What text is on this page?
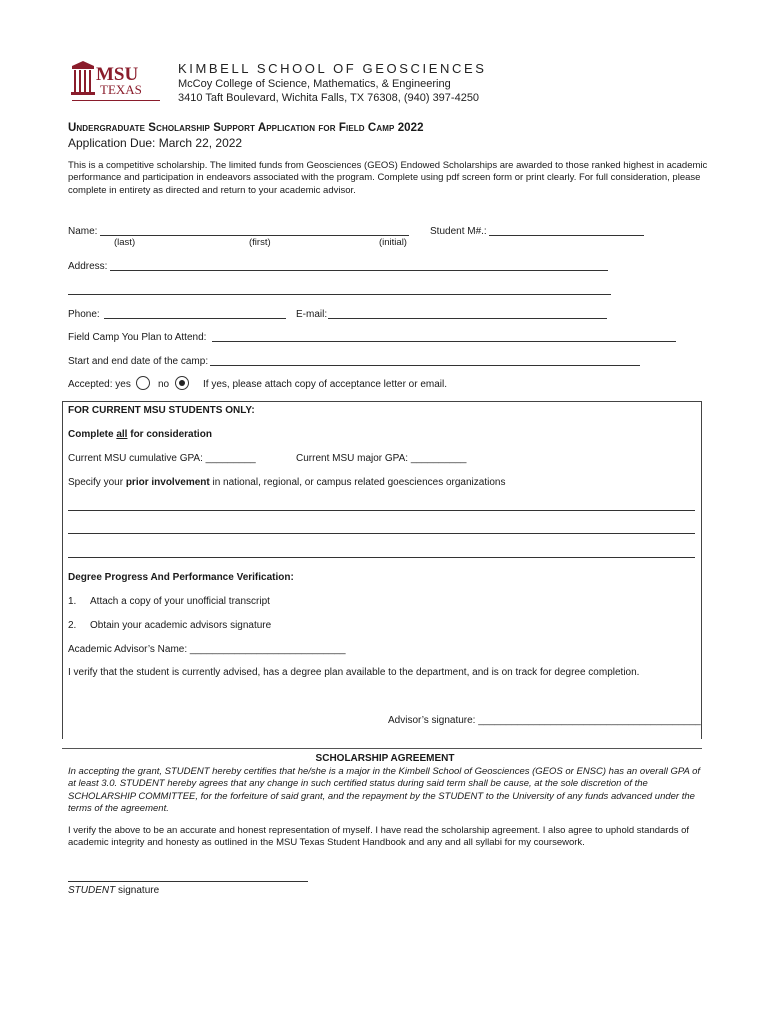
MSU
TEXAS
KIMBELL SCHOOL OF GEOSCIENCES
McCoy College of Science, Mathematics, & Engineering
3410 Taft Boulevard, Wichita Falls, TX 76308, (940) 397-4250
Undergraduate Scholarship Support Application for Field Camp 2022
Application Due: March 22, 2022
This is a competitive scholarship. The limited funds from Geosciences (GEOS) Endowed Scholarships are awarded to those ranked highest in academic performance and participation in endeavors associated with the program. Complete using pdf screen form or print clearly. For full consideration, please complete in entirety as directed and return to your academic advisor.
Name:
(last)	(first)	(initial)
Student M#.:
Address:
Phone:	E-mail:
Field Camp You Plan to Attend:
Start and end date of the camp:
Accepted: yes	no	If yes, please attach copy of acceptance letter or email.
FOR CURRENT MSU STUDENTS ONLY:
Complete all for consideration
Current MSU cumulative GPA: _________	Current MSU major GPA: __________
Specify your prior involvement in national, regional, or campus related goesciences organizations
Degree Progress And Performance Verification:
1. Attach a copy of your unofficial transcript
2. Obtain your academic advisors signature
Academic Advisor’s Name: ____________________________
I verify that the student is currently advised, has a degree plan available to the department, and is on track for degree completion.
Advisor’s signature: ________________________________________
SCHOLARSHIP AGREEMENT
In accepting the grant, STUDENT hereby certifies that he/she is a major in the Kimbell School of Geosciences (GEOS or ENSC) has an overall GPA of at least 3.0. STUDENT hereby agrees that any change in such certified status during said term shall be cause, at the sole discretion of the SCHOLARSHIP COMMITTEE, for the forfeiture of said grant, and the repayment by the STUDENT to the University of any funds advanced under the terms of the agreement.
I verify the above to be an accurate and honest representation of myself. I have read the scholarship agreement. I also agree to uphold standards of academic integrity and honesty as outlined in the MSU Texas Student Handbook and any and all syllabi for my coursework.
STUDENT signature
